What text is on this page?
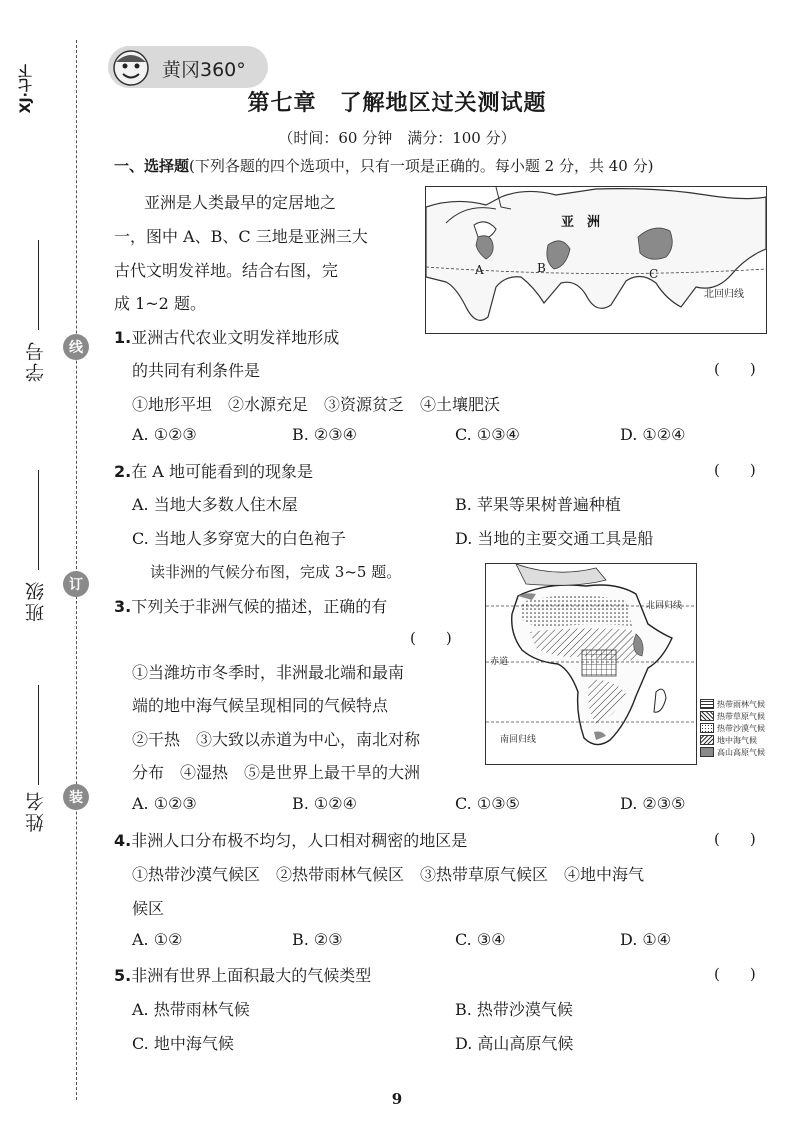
XJ·七下
学号	线
班级	订
姓名	装
黄冈360°
第七章　了解地区过关测试题
（时间：60 分钟　满分：100 分）
一、选择题(下列各题的四个选项中，只有一项是正确的。每小题 2 分，共 40 分)
亚洲是人类最早的定居地之
一，图中 A、B、C 三地是亚洲三大
古代文明发祥地。结合右图，完
成 1~2 题。
亚　洲
A	B	C
北回归线
1.亚洲古代农业文明发祥地形成
的共同有利条件是	(　　)
①地形平坦　②水源充足　③资源贫乏　④土壤肥沃
A. ①②③	B. ②③④	C. ①③④	D. ①②④
2.在 A 地可能看到的现象是	(　　)
A. 当地大多数人住木屋	B. 苹果等果树普遍种植
C. 当地人多穿宽大的白色袍子	D. 当地的主要交通工具是船
读非洲的气候分布图，完成 3~5 题。
北回归线
赤道
南回归线
热带雨林气候
热带草原气候
热带沙漠气候
地中海气候
高山高原气候
3.下列关于非洲气候的描述，正确的有
(　　)
①当潍坊市冬季时，非洲最北端和最南
端的地中海气候呈现相同的气候特点
②干热　③大致以赤道为中心，南北对称
分布　④湿热　⑤是世界上最干旱的大洲
A. ①②③	B. ①②④	C. ①③⑤	D. ②③⑤
4.非洲人口分布极不均匀，人口相对稠密的地区是	(　　)
①热带沙漠气候区　②热带雨林气候区　③热带草原气候区　④地中海气
候区
A. ①②	B. ②③	C. ③④	D. ①④
5.非洲有世界上面积最大的气候类型	(　　)
A. 热带雨林气候	B. 热带沙漠气候
C. 地中海气候	D. 高山高原气候
9
